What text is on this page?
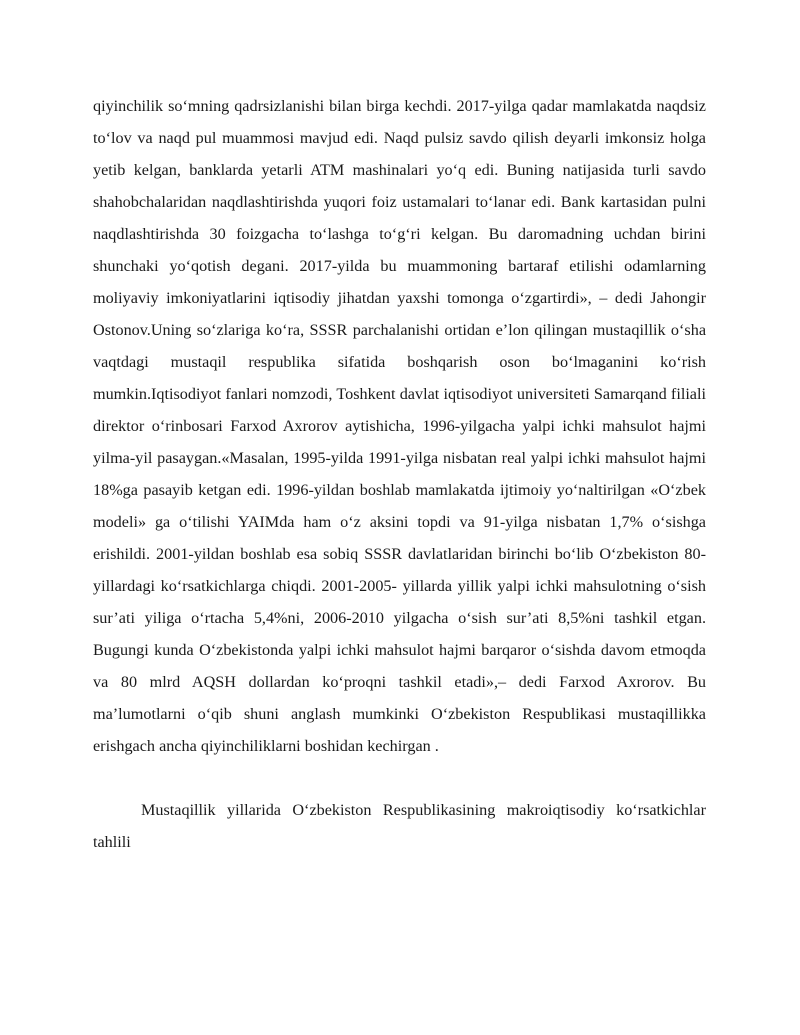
qiyinchilik so‘mning qadrsizlanishi bilan birga kechdi. 2017-yilga qadar mamlakatda naqdsiz to‘lov va naqd pul muammosi mavjud edi. Naqd pulsiz savdo qilish deyarli imkonsiz holga yetib kelgan, banklarda yetarli ATM mashinalari yo‘q edi. Buning natijasida turli savdo shahobchalaridan naqdlashtirishda yuqori foiz ustamalari to‘lanar edi. Bank kartasidan pulni naqdlashtirishda 30 foizgacha to‘lashga to‘g‘ri kelgan. Bu daromadning uchdan birini shunchaki yo‘qotish degani. 2017-yilda bu muammoning bartaraf etilishi odamlarning moliyaviy imkoniyatlarini iqtisodiy jihatdan yaxshi tomonga o‘zgartirdi», – dedi Jahongir Ostonov.Uning so‘zlariga ko‘ra, SSSR parchalanishi ortidan e’lon qilingan mustaqillik o‘sha vaqtdagi mustaqil respublika sifatida boshqarish oson bo‘lmaganini ko‘rish mumkin.Iqtisodiyot fanlari nomzodi, Toshkent davlat iqtisodiyot universiteti Samarqand filiali direktor o‘rinbosari Farxod Axrorov aytishicha, 1996-yilgacha yalpi ichki mahsulot hajmi yilma-yil pasaygan.«Masalan, 1995-yilda 1991-yilga nisbatan real yalpi ichki mahsulot hajmi 18%ga pasayib ketgan edi. 1996-yildan boshlab mamlakatda ijtimoiy yo‘naltirilgan «O‘zbek modeli» ga o‘tilishi YAIMda ham o‘z aksini topdi va 91-yilga nisbatan 1,7% o‘sishga erishildi. 2001-yildan boshlab esa sobiq SSSR davlatlaridan birinchi bo‘lib O‘zbekiston 80-yillardagi ko‘rsatkichlarga chiqdi. 2001-2005- yillarda yillik yalpi ichki mahsulotning o‘sish sur’ati yiliga o‘rtacha 5,4%ni, 2006-2010 yilgacha o‘sish sur’ati 8,5%ni tashkil etgan. Bugungi kunda O‘zbekistonda yalpi ichki mahsulot hajmi barqaror o‘sishda davom etmoqda va 80 mlrd AQSH dollardan ko‘proqni tashkil etadi»,– dedi Farxod Axrorov. Bu ma’lumotlarni o‘qib shuni anglash mumkinki O‘zbekiston Respublikasi mustaqillikka erishgach ancha qiyinchiliklarni boshidan kechirgan .

Mustaqillik yillarida O‘zbekiston Respublikasining makroiqtisodiy ko‘rsatkichlar tahlili
